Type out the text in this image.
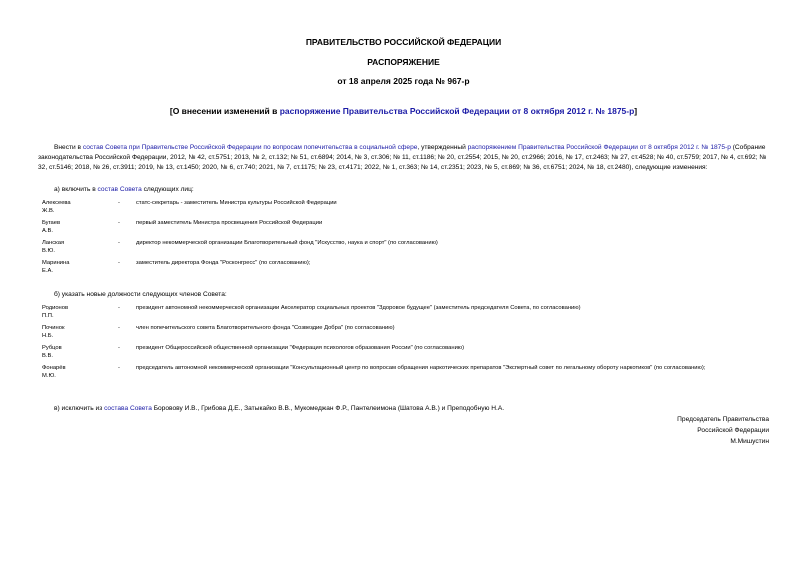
ПРАВИТЕЛЬСТВО РОССИЙСКОЙ ФЕДЕРАЦИИ
РАСПОРЯЖЕНИЕ
от 18 апреля 2025 года № 967-р
[О внесении изменений в распоряжение Правительства Российской Федерации от 8 октября 2012 г. № 1875-р]
Внести в состав Совета при Правительстве Российской Федерации по вопросам попечительства в социальной сфере, утвержденный распоряжением Правительства Российской Федерации от 8 октября 2012 г. № 1875-р (Собрание законодательства Российской Федерации, 2012, № 42, ст.5751; 2013, № 2, ст.132; № 51, ст.6894; 2014, № 3, ст.306; № 11, ст.1186; № 20, ст.2554; 2015, № 20, ст.2966; 2016, № 17, ст.2463; № 27, ст.4528; № 40, ст.5759; 2017, № 4, ст.692; № 32, ст.5146; 2018, № 26, ст.3911; 2019, № 13, ст.1450; 2020, № 6, ст.740; 2021, № 7, ст.1175; № 23, ст.4171; 2022, № 1, ст.363; № 14, ст.2351; 2023, № 5, ст.869; № 36, ст.6751; 2024, № 18, ст.2480), следующие изменения:
а) включить в состав Совета следующих лиц:
Алексеева Ж.В.
-	статс-секретарь - заместитель Министра культуры Российской Федерации
Бугаев А.В.
-	первый заместитель Министра просвещения Российской Федерации
Ланская В.Ю.
-	директор некоммерческой организации Благотворительный фонд "Искусство, наука и спорт" (по согласованию)
Маринина Е.А.
-	заместитель директора Фонда "Росконгресс" (по согласованию);
б) указать новые должности следующих членов Совета:
Родионов П.П.
-	президент автономной некоммерческой организации Акселератор социальных проектов "Здоровое будущее" (заместитель председателя Совета, по согласованию)
Починок Н.Б.
-	член попечительского совета Благотворительного фонда "Созвездие Добра" (по согласованию)
Рубцов В.В.
-	президент Общероссийской общественной организации "Федерация психологов образования России" (по согласованию)
Фонарёв М.Ю.
-	председатель автономной некоммерческой организации "Консультационный центр по вопросам обращения наркотических препаратов "Экспертный совет по легальному обороту наркотиков" (по согласованию);
в) исключить из состава Совета Боровову И.В., Грибова Д.Е., Затыкайко В.В., Мукомеджан Ф.Р., Пантелеимона (Шатова А.В.) и Преподобную Н.А.
Председатель Правительства
Российской Федерации
М.Мишустин
